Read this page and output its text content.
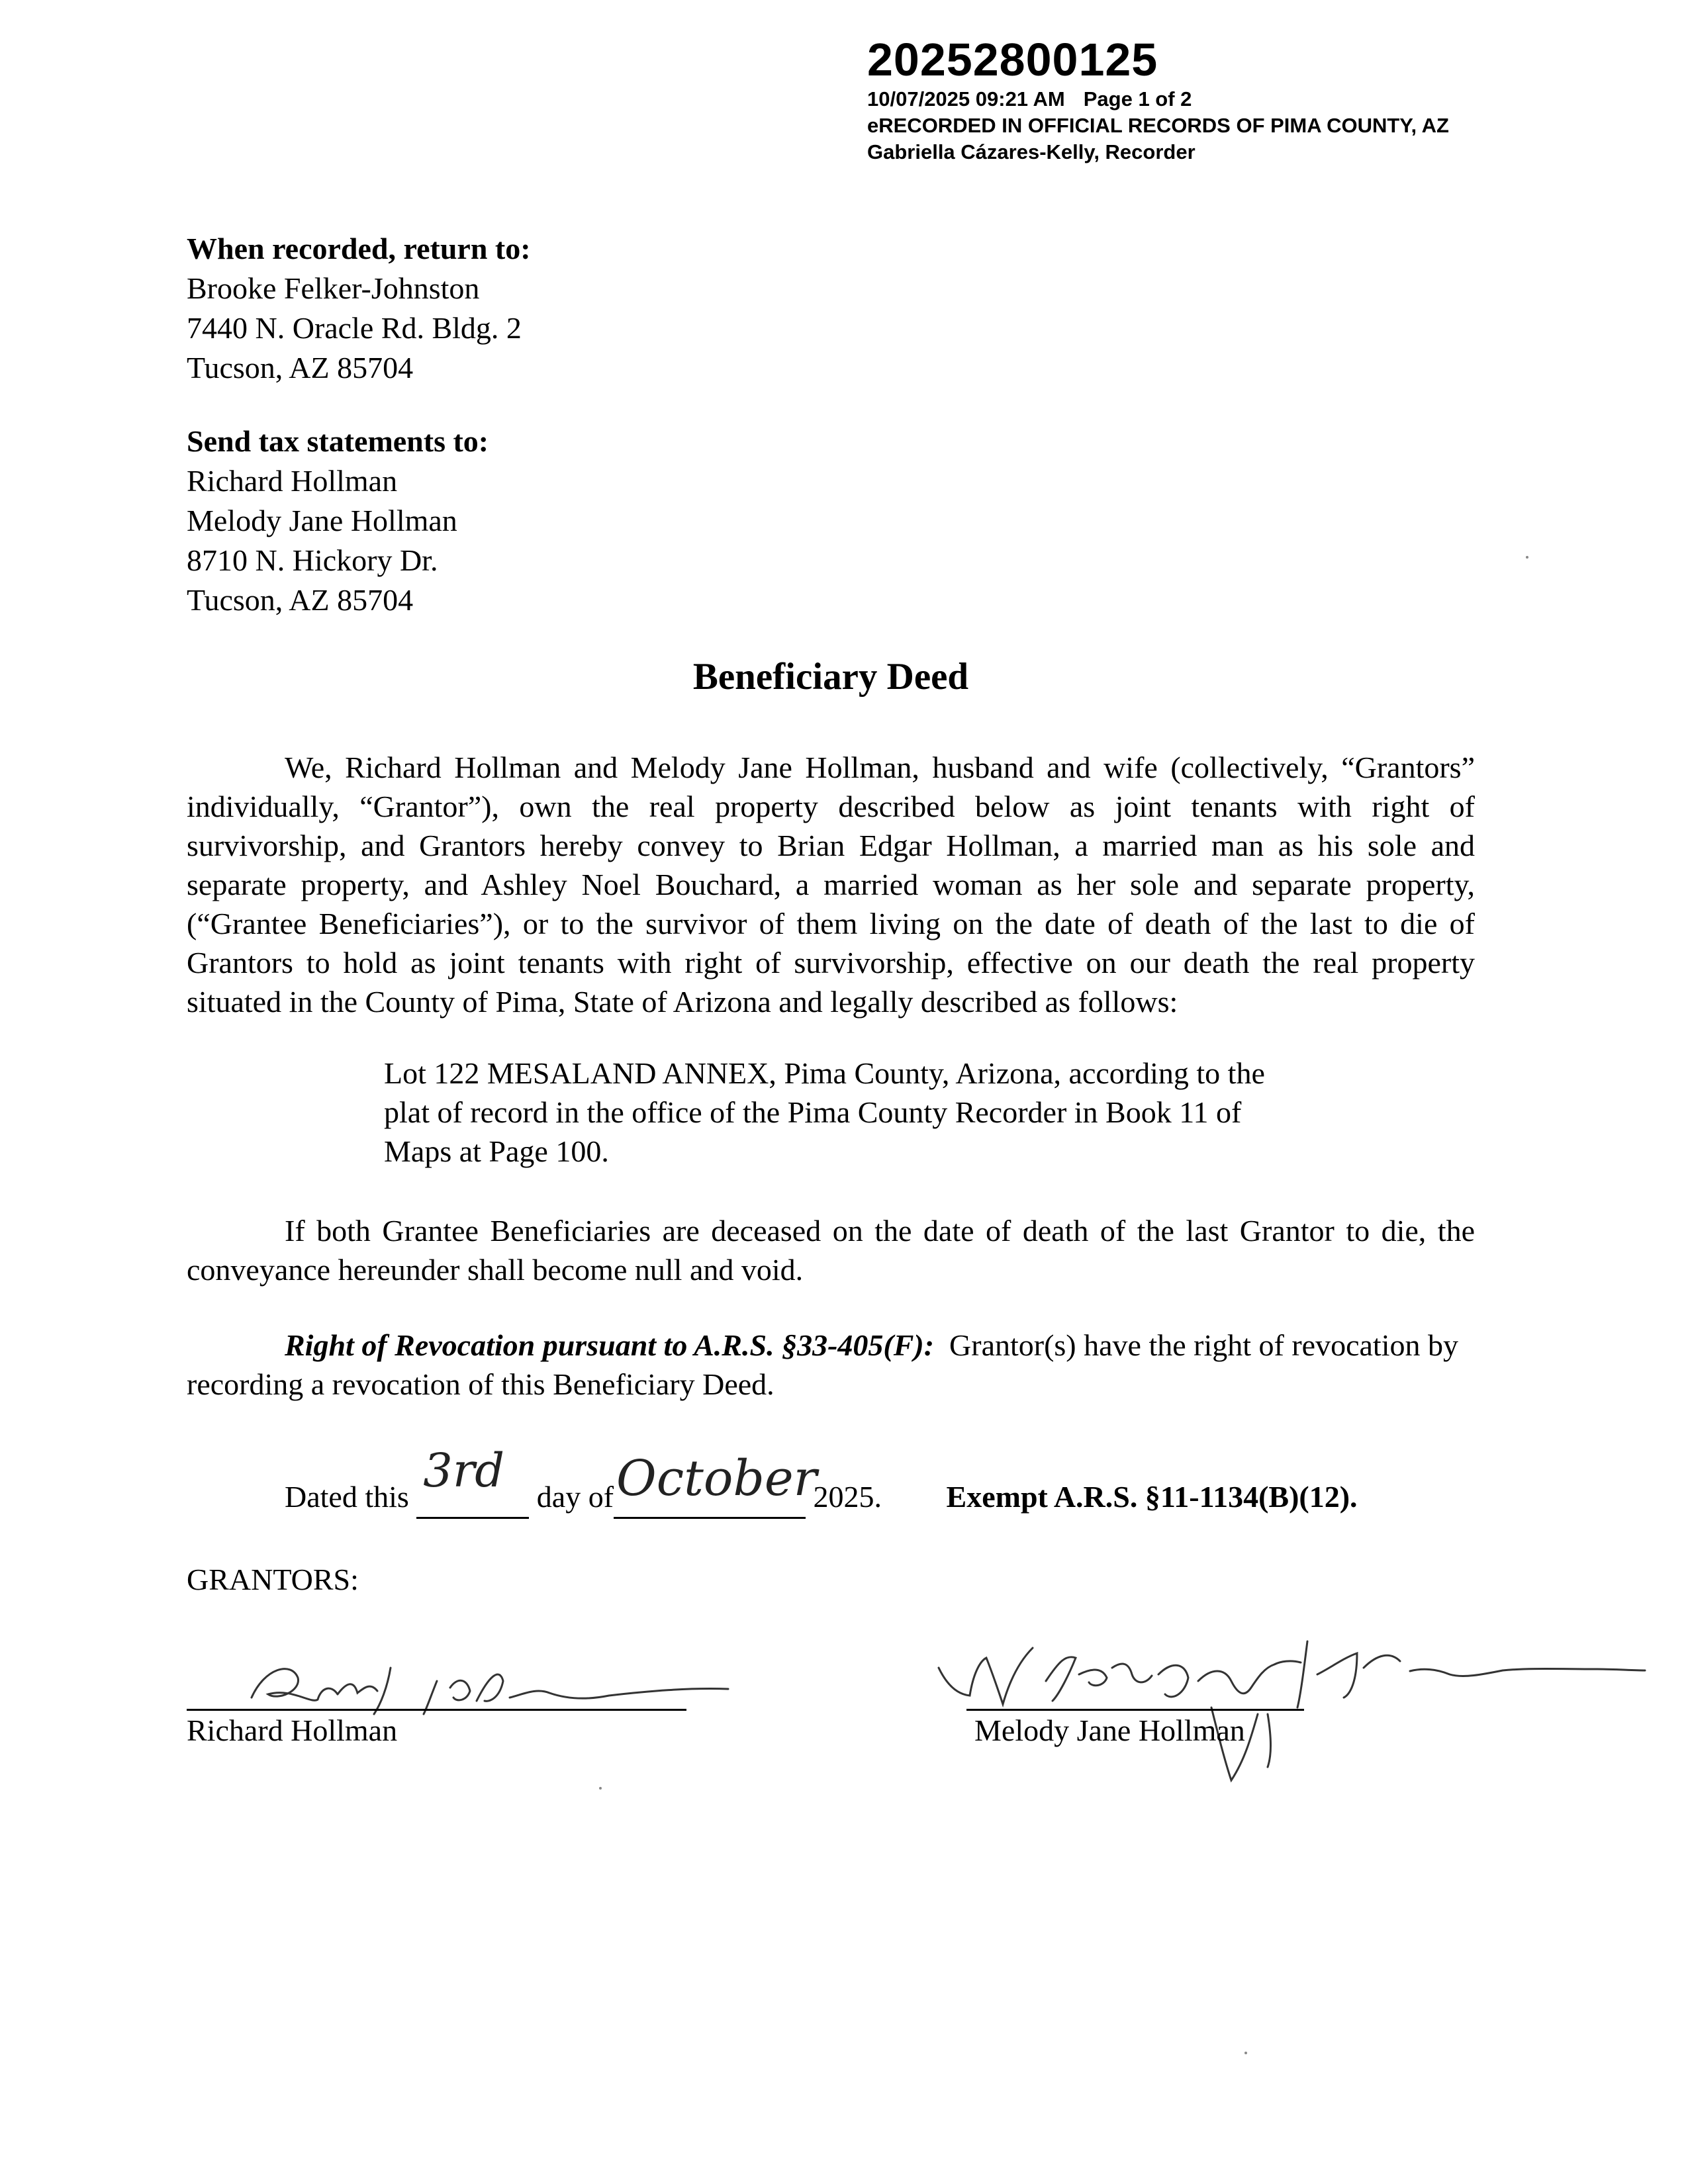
20252800125
10/07/2025 09:21 AM Page 1 of 2
eRECORDED IN OFFICIAL RECORDS OF PIMA COUNTY, AZ
Gabriella Cázares-Kelly, Recorder
When recorded, return to:
Brooke Felker-Johnston
7440 N. Oracle Rd. Bldg. 2
Tucson, AZ 85704
Send tax statements to:
Richard Hollman
Melody Jane Hollman
8710 N. Hickory Dr.
Tucson, AZ 85704
Beneficiary Deed
We, Richard Hollman and Melody Jane Hollman, husband and wife (collectively, “Grantors” individually, “Grantor”), own the real property described below as joint tenants with right of survivorship, and Grantors hereby convey to Brian Edgar Hollman, a married man as his sole and separate property, and Ashley Noel Bouchard, a married woman as her sole and separate property, (“Grantee Beneficiaries”), or to the survivor of them living on the date of death of the last to die of Grantors to hold as joint tenants with right of survivorship, effective on our death the real property situated in the County of Pima, State of Arizona and legally described as follows:
Lot 122 MESALAND ANNEX, Pima County, Arizona, according to the plat of record in the office of the Pima County Recorder in Book 11 of Maps at Page 100.
If both Grantee Beneficiaries are deceased on the date of death of the last Grantor to die, the conveyance hereunder shall become null and void.
Right of Revocation pursuant to A.R.S. §33-405(F): Grantor(s) have the right of revocation by recording a revocation of this Beneficiary Deed.
Dated this 3rd day of October
2025. Exempt A.R.S. §11-1134(B)(12).
GRANTORS:
Richard Hollman	Melody Jane Hollman
